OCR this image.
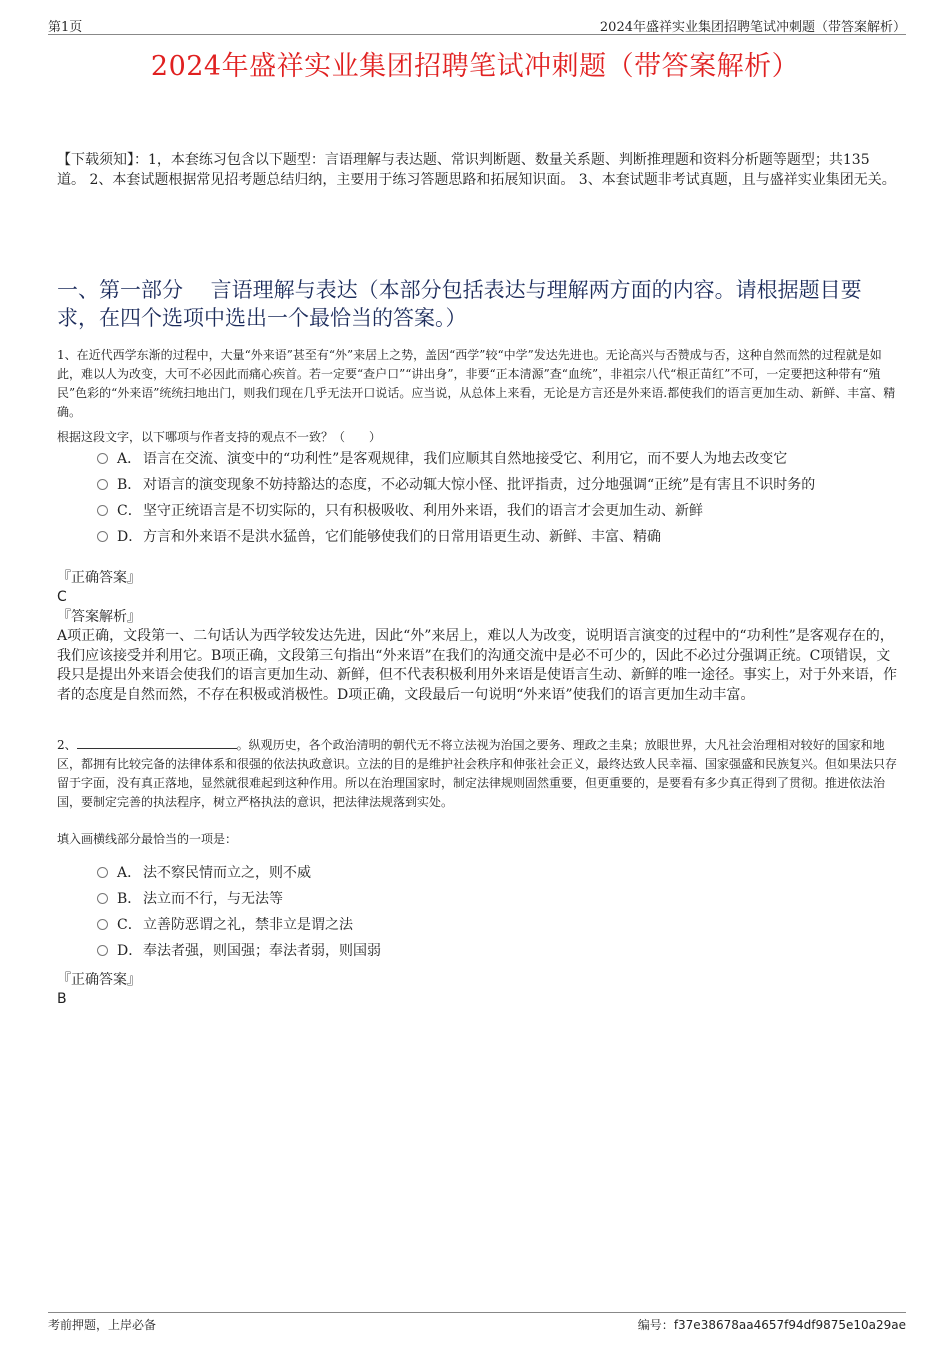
第1页	2024年盛祥实业集团招聘笔试冲刺题（带答案解析）
2024年盛祥实业集团招聘笔试冲刺题（带答案解析）
【下载须知】：1，本套练习包含以下题型：言语理解与表达题、常识判断题、数量关系题、判断推理题和资料分析题等题型；共135道。 2、本套试题根据常见招考题总结归纳，主要用于练习答题思路和拓展知识面。 3、本套试题非考试真题，且与盛祥实业集团无关。
一、第一部分　 言语理解与表达（本部分包括表达与理解两方面的内容。请根据题目要求，在四个选项中选出一个最恰当的答案。）
1、在近代西学东渐的过程中，大量“外来语”甚至有“外”来居上之势，盖因“西学”较“中学”发达先进也。无论高兴与否赞成与否，这种自然而然的过程就是如此，难以人为改变，大可不必因此而痛心疾首。若一定要“查户口”“讲出身”，非要“正本清源”查“血统”，非祖宗八代“根正苗红”不可，一定要把这种带有“殖民”色彩的“外来语”统统扫地出门，则我们现在几乎无法开口说话。应当说，从总体上来看，无论是方言还是外来语.都使我们的语言更加生动、新鲜、丰富、精确。
根据这段文字，以下哪项与作者支持的观点不一致？（　　）
A． 语言在交流、演变中的“功利性”是客观规律，我们应顺其自然地接受它、利用它，而不要人为地去改变它
B． 对语言的演变现象不妨持豁达的态度，不必动辄大惊小怪、批评指责，过分地强调“正统”是有害且不识时务的
C．坚守正统语言是不切实际的，只有积极吸收、利用外来语，我们的语言才会更加生动、新鲜
D．方言和外来语不是洪水猛兽，它们能够使我们的日常用语更生动、新鲜、丰富、精确
『正确答案』
C
『答案解析』
A项正确，文段第一、二句话认为西学较发达先进，因此“外”来居上，难以人为改变，说明语言演变的过程中的“功利性”是客观存在的，我们应该接受并利用它。B项正确，文段第三句指出“外来语”在我们的沟通交流中是必不可少的，因此不必过分强调正统。C项错误，文段只是提出外来语会使我们的语言更加生动、新鲜，但不代表积极利用外来语是使语言生动、新鲜的唯一途径。事实上，对于外来语，作者的态度是自然而然，不存在积极或消极性。D项正确，文段最后一句说明“外来语”使我们的语言更加生动丰富。
2、	。纵观历史，各个政治清明的朝代无不将立法视为治国之要务、理政之圭臬；放眼世界，大凡社会治理相对较好的国家和地区，都拥有比较完备的法律体系和很强的依法执政意识。立法的目的是维护社会秩序和伸张社会正义，最终达致人民幸福、国家强盛和民族复兴。但如果法只存留于字面，没有真正落地，显然就很难起到这种作用。所以在治理国家时，制定法律规则固然重要，但更重要的，是要看有多少真正得到了贯彻。推进依法治国，要制定完善的执法程序，树立严格执法的意识，把法律法规落到实处。
填入画横线部分最恰当的一项是：
A． 法不察民情而立之，则不威
B． 法立而不行，与无法等
C．立善防恶谓之礼，禁非立是谓之法
D．奉法者强，则国强；奉法者弱，则国弱
『正确答案』
B
考前押题，上岸必备	编号：f37e38678aa4657f94df9875e10a29ae
